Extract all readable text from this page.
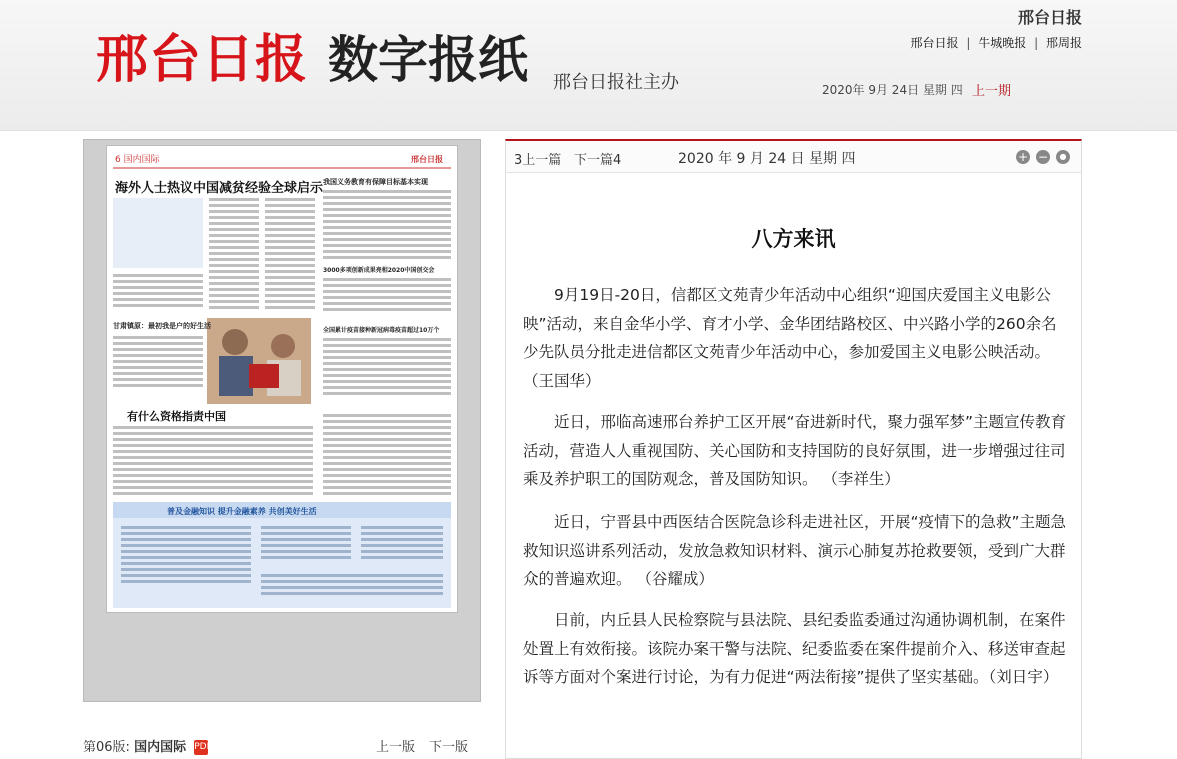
邢台日报 数字报纸 邢台日报社主办
邢台日报
邢台日报 | 牛城晚报 | 邢周报
2020年 9月 24日 星期 四 上一期
6 国内国际	邢台日报
海外人士热议中国减贫经验全球启示 我国义务教育有保障目标基本实现
3000多项创新成果亮相2020中国创交会
全国累计疫苗接种新冠病毒疫苗超过10万个
甘肃镇原：最初我是户的好生活
有什么资格指责中国
普及金融知识 提升金融素养 共创美好生活
第06版: 国内国际 PDF	上一版 下一版
3上一篇 下一篇4	2020 年 9 月 24 日 星期 四	+ −	●
八方来讯

9月19日-20日，信都区文苑青少年活动中心组织“迎国庆爱国主义电影公映”活动，来自金华小学、育才小学、金华团结路校区、中兴路小学的260余名少先队员分批走进信都区文苑青少年活动中心，参加爱国主义电影公映活动。（王国华）

近日，邢临高速邢台养护工区开展“奋进新时代，聚力强军梦”主题宣传教育活动，营造人人重视国防、关心国防和支持国防的良好氛围，进一步增强过往司乘及养护职工的国防观念，普及国防知识。 （李祥生）

近日，宁晋县中西医结合医院急诊科走进社区，开展“疫情下的急救”主题急救知识巡讲系列活动，发放急救知识材料、演示心肺复苏抢救要领，受到广大群众的普遍欢迎。 （谷耀成）

日前，内丘县人民检察院与县法院、县纪委监委通过沟通协调机制，在案件处置上有效衔接。该院办案干警与法院、纪委监委在案件提前介入、移送审查起诉等方面对个案进行讨论，为有力促进“两法衔接”提供了坚实基础。（刘日宇）
